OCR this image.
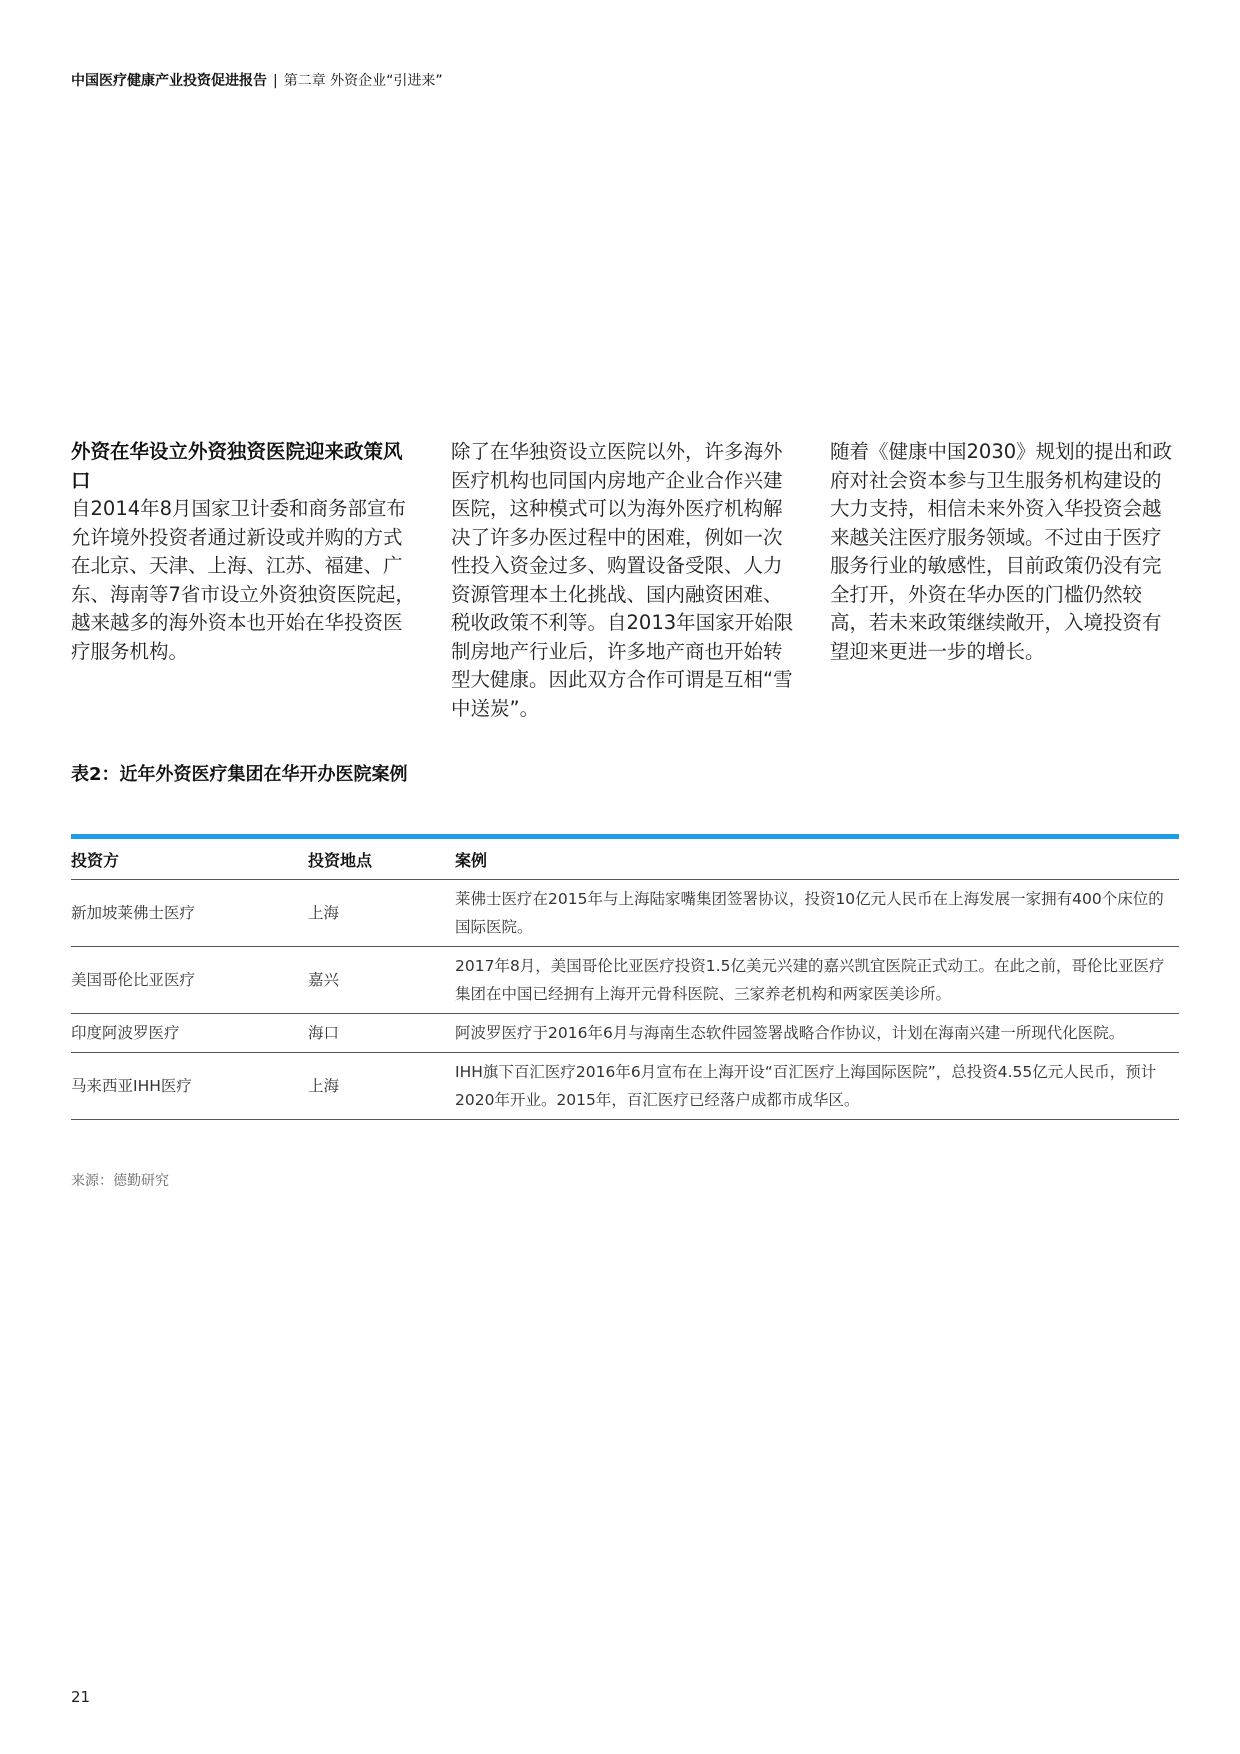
中国医疗健康产业投资促进报告 | 第二章 外资企业“引进来”

外资在华设立外资独资医院迎来政策风口

自2014年8月国家卫计委和商务部宣布允许境外投资者通过新设或并购的方式在北京、天津、上海、江苏、福建、广东、海南等7省市设立外资独资医院起，越来越多的海外资本也开始在华投资医疗服务机构。

除了在华独资设立医院以外，许多海外医疗机构也同国内房地产企业合作兴建医院，这种模式可以为海外医疗机构解决了许多办医过程中的困难，例如一次性投入资金过多、购置设备受限、人力资源管理本土化挑战、国内融资困难、税收政策不利等。自2013年国家开始限制房地产行业后，许多地产商也开始转型大健康。因此双方合作可谓是互相“雪中送炭”。

随着《健康中国2030》规划的提出和政府对社会资本参与卫生服务机构建设的大力支持，相信未来外资入华投资会越来越关注医疗服务领域。不过由于医疗服务行业的敏感性，目前政策仍没有完全打开，外资在华办医的门槛仍然较高，若未来政策继续敞开，入境投资有望迎来更进一步的增长。

表2：近年外资医疗集团在华开办医院案例
投资方	投资地点	案例
新加坡莱佛士医疗	上海	莱佛士医疗在2015年与上海陆家嘴集团签署协议，投资10亿元人民币在上海发展一家拥有400个床位的国际医院。
美国哥伦比亚医疗	嘉兴	2017年8月，美国哥伦比亚医疗投资1.5亿美元兴建的嘉兴凯宜医院正式动工。在此之前，哥伦比亚医疗集团在中国已经拥有上海开元骨科医院、三家养老机构和两家医美诊所。
印度阿波罗医疗	海口	阿波罗医疗于2016年6月与海南生态软件园签署战略合作协议，计划在海南兴建一所现代化医院。
马来西亚IHH医疗	上海	IHH旗下百汇医疗2016年6月宣布在上海开设“百汇医疗上海国际医院”，总投资4.55亿元人民币，预计2020年开业。2015年，百汇医疗已经落户成都市成华区。
来源：德勤研究
21
